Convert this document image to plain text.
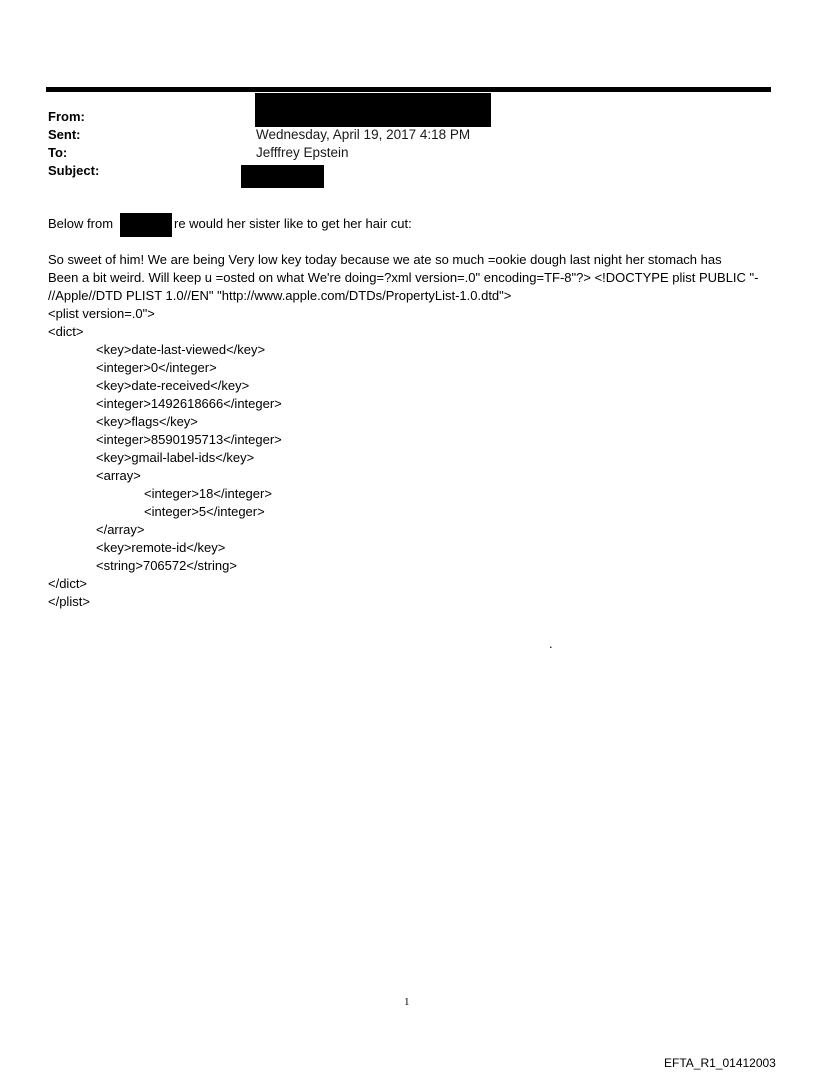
From:
Sent:	Wednesday, April 19, 2017 4:18 PM
To:	Jefffrey Epstein
Subject:
Below from	re would her sister like to get her hair cut:
So sweet of him! We are being Very low key today because we ate so much =ookie dough last night her stomach has
Been a bit weird. Will keep u =osted on what We're doing=?xml version=.0" encoding=TF-8"?> <!DOCTYPE plist PUBLIC "-
//Apple//DTD PLIST 1.0//EN" "http://www.apple.com/DTDs/PropertyList-1.0.dtd">
<plist version=.0">
<dict>
<key>date-last-viewed</key>
<integer>0</integer>
<key>date-received</key>
<integer>1492618666</integer>
<key>flags</key>
<integer>8590195713</integer>
<key>gmail-label-ids</key>
<array>
<integer>18</integer>
<integer>5</integer>
</array>
<key>remote-id</key>
<string>706572</string>
</dict>
</plist>
.
1
EFTA_R1_01412003
